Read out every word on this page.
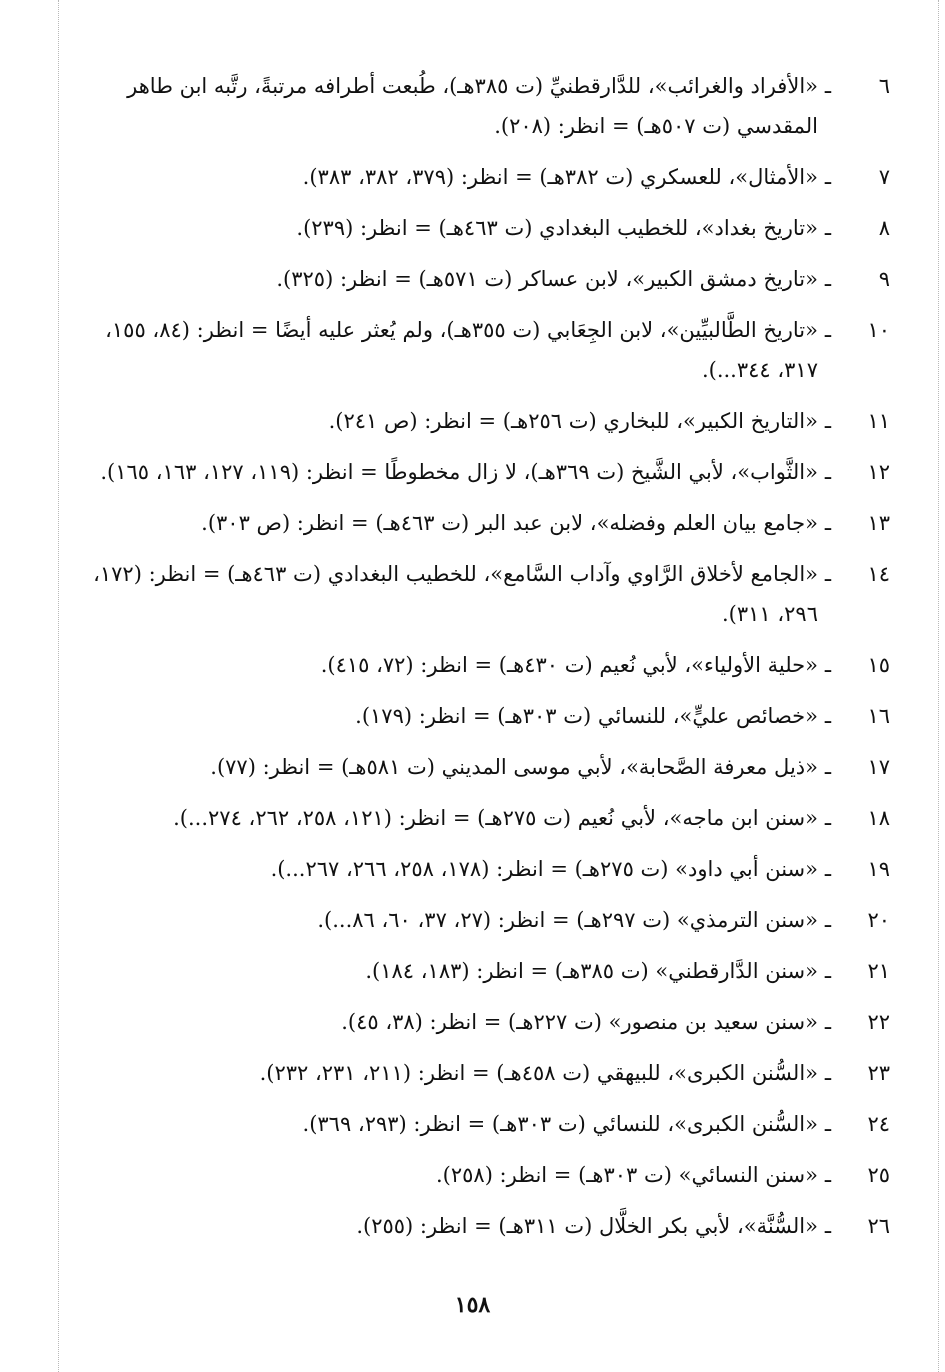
٦
ـ
«الأفراد والغرائب»، للدَّارقطنيِّ (ت ٣٨٥هـ)، طُبعت أطرافه مرتبةً، رتَّبه ابن طاهر المقدسي (ت ٥٠٧هـ) = انظر: (٢٠٨).
٧
ـ
«الأمثال»، للعسكري (ت ٣٨٢هـ) = انظر: (٣٧٩، ٣٨٢، ٣٨٣).
٨
ـ
«تاريخ بغداد»، للخطيب البغدادي (ت ٤٦٣هـ) = انظر: (٢٣٩).
٩
ـ
«تاريخ دمشق الكبير»، لابن عساكر (ت ٥٧١هـ) = انظر: (٣٢٥).
١٠
ـ
«تاريخ الطَّالبيِّين»، لابن الجِعَابي (ت ٣٥٥هـ)، ولم يُعثر عليه أيضًا = انظر: (٨٤، ١٥٥، ٣١٧، ٣٤٤...).
١١
ـ
«التاريخ الكبير»، للبخاري (ت ٢٥٦هـ) = انظر: (ص ٢٤١).
١٢
ـ
«الثَّواب»، لأبي الشَّيخ (ت ٣٦٩هـ)، لا زال مخطوطًا = انظر: (١١٩، ١٢٧، ١٦٣، ١٦٥).
١٣
ـ
«جامع بيان العلم وفضله»، لابن عبد البر (ت ٤٦٣هـ) = انظر: (ص ٣٠٣).
١٤
ـ
«الجامع لأخلاق الرَّاوي وآداب السَّامع»، للخطيب البغدادي (ت ٤٦٣هـ) = انظر: (١٧٢، ٢٩٦، ٣١١).
١٥
ـ
«حلية الأولياء»، لأبي نُعيم (ت ٤٣٠هـ) = انظر: (٧٢، ٤١٥).
١٦
ـ
«خصائص عليٍّ»، للنسائي (ت ٣٠٣هـ) = انظر: (١٧٩).
١٧
ـ
«ذيل معرفة الصَّحابة»، لأبي موسى المديني (ت ٥٨١هـ) = انظر: (٧٧).
١٨
ـ
«سنن ابن ماجه»، لأبي نُعيم (ت ٢٧٥هـ) = انظر: (١٢١، ٢٥٨، ٢٦٢، ٢٧٤...).
١٩
ـ
«سنن أبي داود» (ت ٢٧٥هـ) = انظر: (١٧٨، ٢٥٨، ٢٦٦، ٢٦٧...).
٢٠
ـ
«سنن الترمذي» (ت ٢٩٧هـ) = انظر: (٢٧، ٣٧، ٦٠، ٨٦...).
٢١
ـ
«سنن الدَّارقطني» (ت ٣٨٥هـ) = انظر: (١٨٣، ١٨٤).
٢٢
ـ
«سنن سعيد بن منصور» (ت ٢٢٧هـ) = انظر: (٣٨، ٤٥).
٢٣
ـ
«السُّنن الكبرى»، للبيهقي (ت ٤٥٨هـ) = انظر: (٢١١، ٢٣١، ٢٣٢).
٢٤
ـ
«السُّنن الكبرى»، للنسائي (ت ٣٠٣هـ) = انظر: (٢٩٣، ٣٦٩).
٢٥
ـ
«سنن النسائي» (ت ٣٠٣هـ) = انظر: (٢٥٨).
٢٦
ـ
«السُّنَّة»، لأبي بكر الخلَّال (ت ٣١١هـ) = انظر: (٢٥٥).
١٥٨
